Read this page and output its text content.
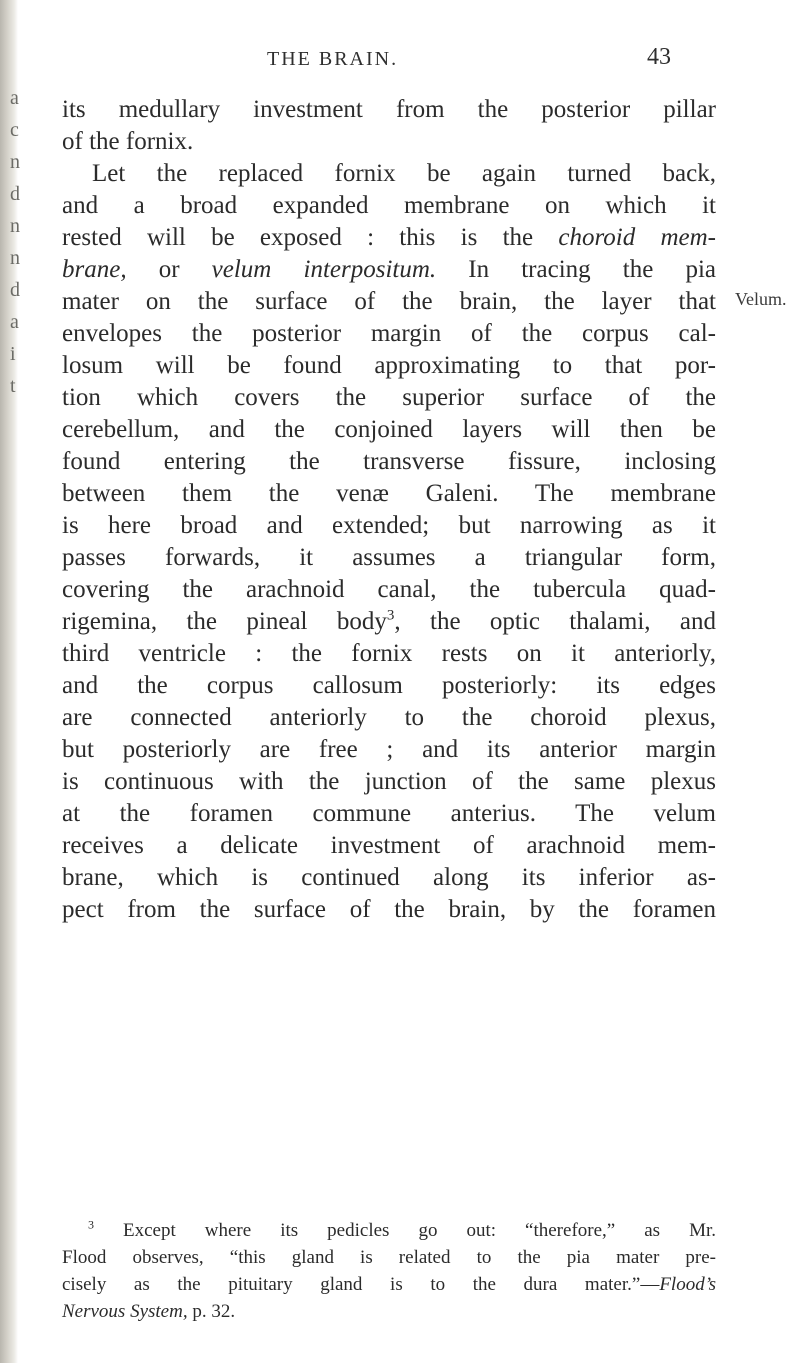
a
c
n
d
n
n
d
a
i
t
THE BRAIN.	43
Velum.
its medullary investment from the posterior pillar
of the fornix.
Let the replaced fornix be again turned back,
and a broad expanded membrane on which it
rested will be exposed : this is the choroid mem-
brane, or velum interpositum. In tracing the pia
mater on the surface of the brain, the layer that
envelopes the posterior margin of the corpus cal-
losum will be found approximating to that por-
tion which covers the superior surface of the
cerebellum, and the conjoined layers will then be
found entering the transverse fissure, inclosing
between them the venæ Galeni. The membrane
is here broad and extended; but narrowing as it
passes forwards, it assumes a triangular form,
covering the arachnoid canal, the tubercula quad-
rigemina, the pineal body$^3$, the optic thalami, and
third ventricle : the fornix rests on it anteriorly,
and the corpus callosum posteriorly: its edges
are connected anteriorly to the choroid plexus,
but posteriorly are free ; and its anterior margin
is continuous with the junction of the same plexus
at the foramen commune anterius. The velum
receives a delicate investment of arachnoid mem-
brane, which is continued along its inferior as-
pect from the surface of the brain, by the foramen
$^3$ Except where its pedicles go out: “therefore,” as Mr.
Flood observes, “this gland is related to the pia mater pre-
cisely as the pituitary gland is to the dura mater.”—Flood’s
Nervous System, p. 32.
